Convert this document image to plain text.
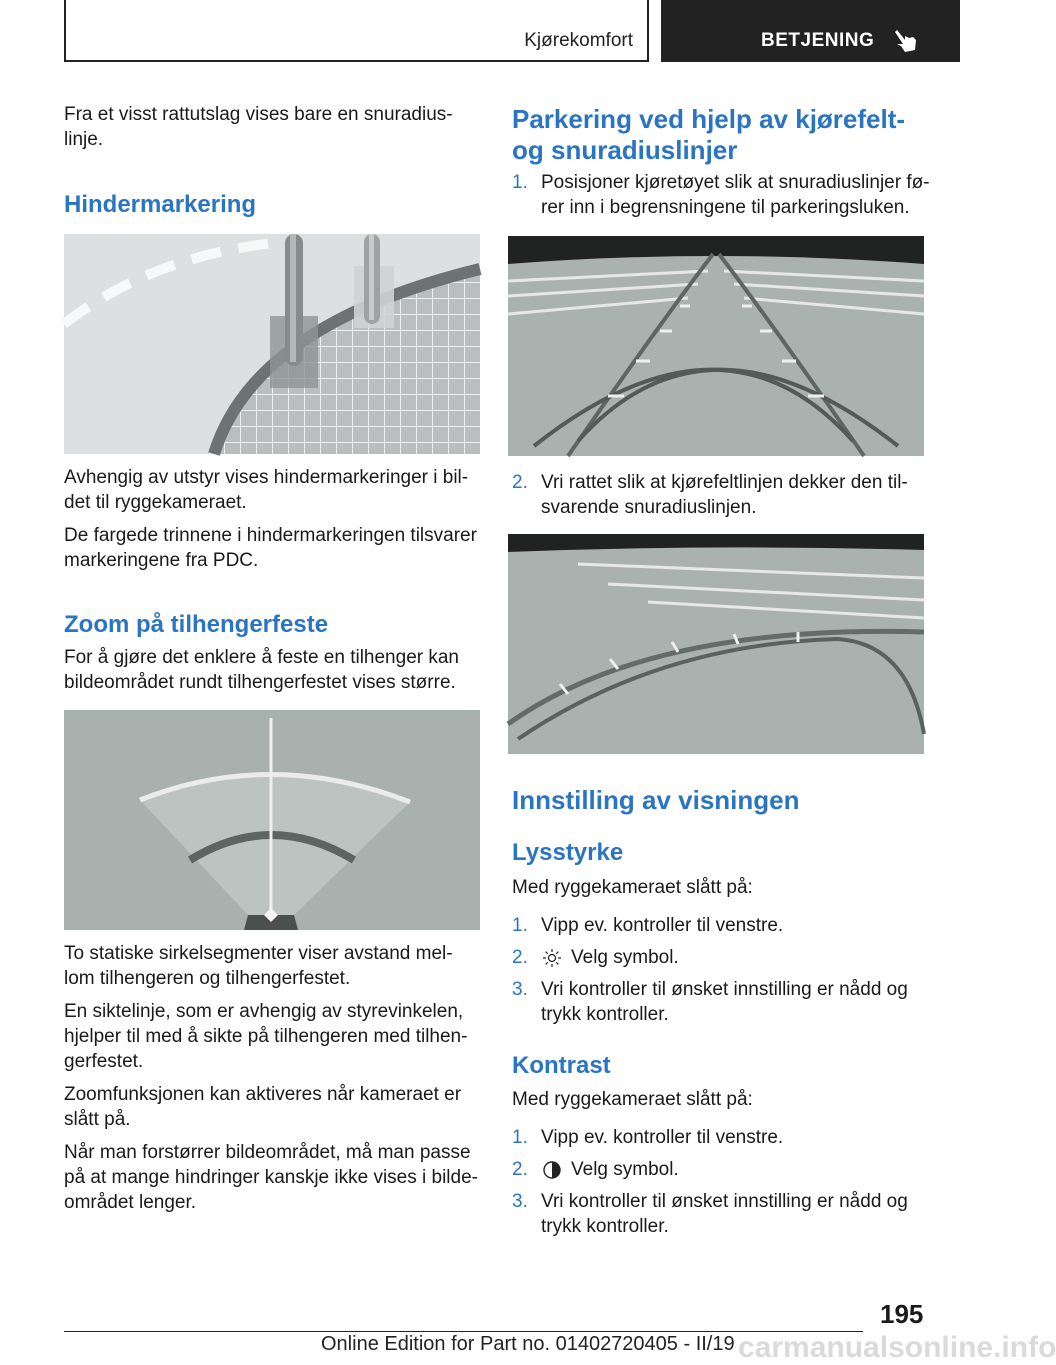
Kjørekomfort	BETJENING

Fra et visst rattutslag vises bare en snuradius-

linje.

Hindermarkering

Avhengig av utstyr vises hindermarkeringer i bil-

det til ryggekameraet.

De fargede trinnene i hindermarkeringen tilsvarer

markeringene fra PDC.

Zoom på tilhengerfeste

For å gjøre det enklere å feste en tilhenger kan

bildeområdet rundt tilhengerfestet vises større.

To statiske sirkelsegmenter viser avstand mel-

lom tilhengeren og tilhengerfestet.

En siktelinje, som er avhengig av styrevinkelen,

hjelper til med å sikte på tilhengeren med tilhen-

gerfestet.

Zoomfunksjonen kan aktiveres når kameraet er

slått på.

Når man forstørrer bildeområdet, må man passe

på at mange hindringer kanskje ikke vises i bilde-

området lenger.

Parkering ved hjelp av kjørefelt-

og snuradiuslinjer

1. Posisjoner kjøretøyet slik at snuradiuslinjer fø-
rer inn i begrensningene til parkeringsluken.
2. Vri rattet slik at kjørefeltlinjen dekker den til-
svarende snuradiuslinjen.
Innstilling av visningen
Lysstyrke

Med ryggekameraet slått på:

1. Vipp ev. kontroller til venstre.
2. Velg symbol.
3. Vri kontroller til ønsket innstilling er nådd og
trykk kontroller.
Kontrast

Med ryggekameraet slått på:

1. Vipp ev. kontroller til venstre.
2. Velg symbol.
3. Vri kontroller til ønsket innstilling er nådd og
trykk kontroller.
195
Online Edition for Part no. 01402720405 - II/19 carmanualsonline.info
